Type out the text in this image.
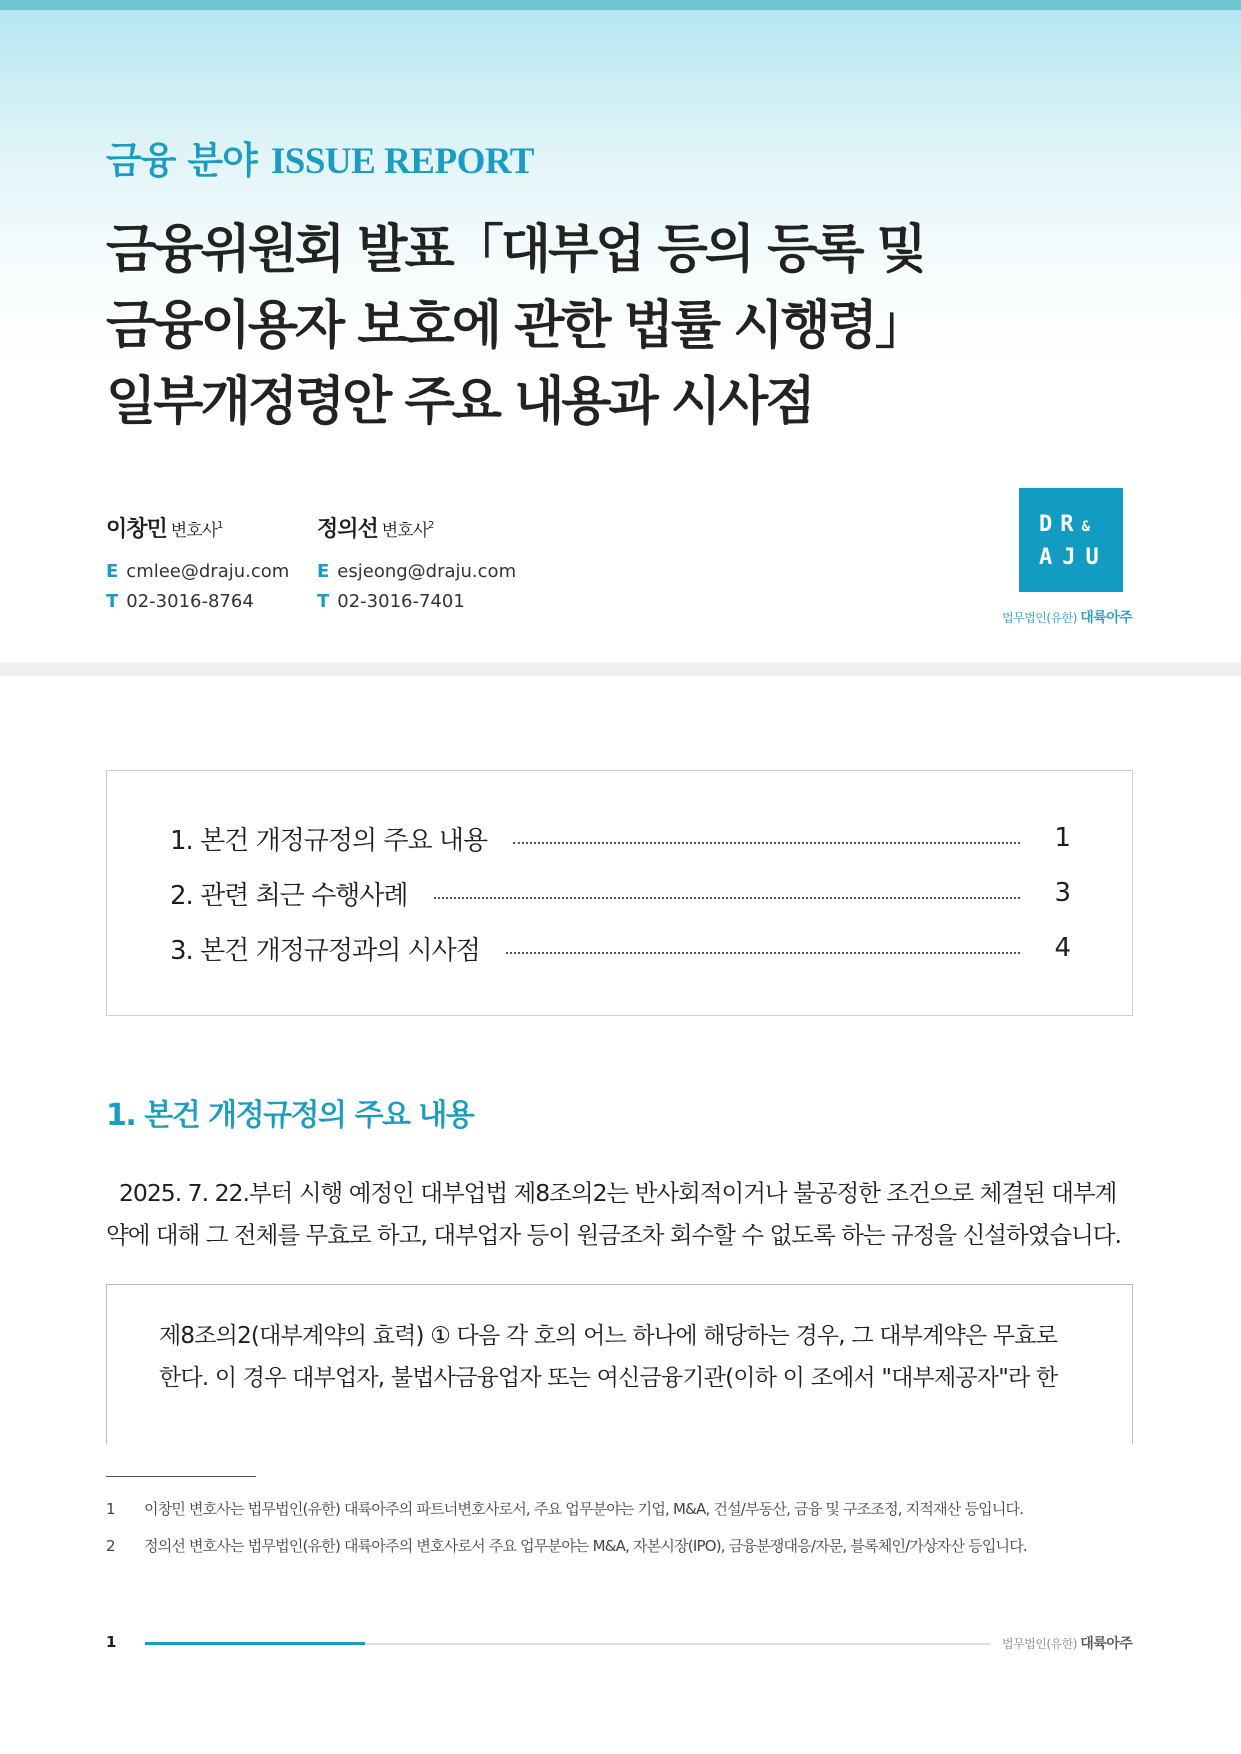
금융 분야 ISSUE REPORT
금융위원회 발표「대부업 등의 등록 및
금융이용자 보호에 관한 법률 시행령」
일부개정령안 주요 내용과 시사점
이창민 변호사$^1$
E cmlee@draju.com
T 02-3016-8764
정의선 변호사$^2$
E esjeong@draju.com
T 02-3016-7401
DR&
AJU
법무법인(유한) 대륙아주
1. 본건 개정규정의 주요 내용	1
2. 관련 최근 수행사례	3
3. 본건 개정규정과의 시사점	4
1. 본건 개정규정의 주요 내용

2025. 7. 22.부터 시행 예정인 대부업법 제8조의2는 반사회적이거나 불공정한 조건으로 체결된 대부계
약에 대해 그 전체를 무효로 하고, 대부업자 등이 원금조차 회수할 수 없도록 하는 규정을 신설하였습니다.

제8조의2(대부계약의 효력) ① 다음 각 호의 어느 하나에 해당하는 경우, 그 대부계약은 무효로
한다. 이 경우 대부업자, 불법사금융업자 또는 여신금융기관(이하 이 조에서 "대부제공자"라 한

1 이창민 변호사는 법무법인(유한) 대륙아주의 파트너변호사로서, 주요 업무분야는 기업, M&A, 건설/부동산, 금융 및 구조조정, 지적재산 등입니다.
2 정의선 변호사는 법무법인(유한) 대륙아주의 변호사로서 주요 업무분야는 M&A, 자본시장(IPO), 금융분쟁대응/자문, 블록체인/가상자산 등입니다.
1	법무법인(유한) 대륙아주
